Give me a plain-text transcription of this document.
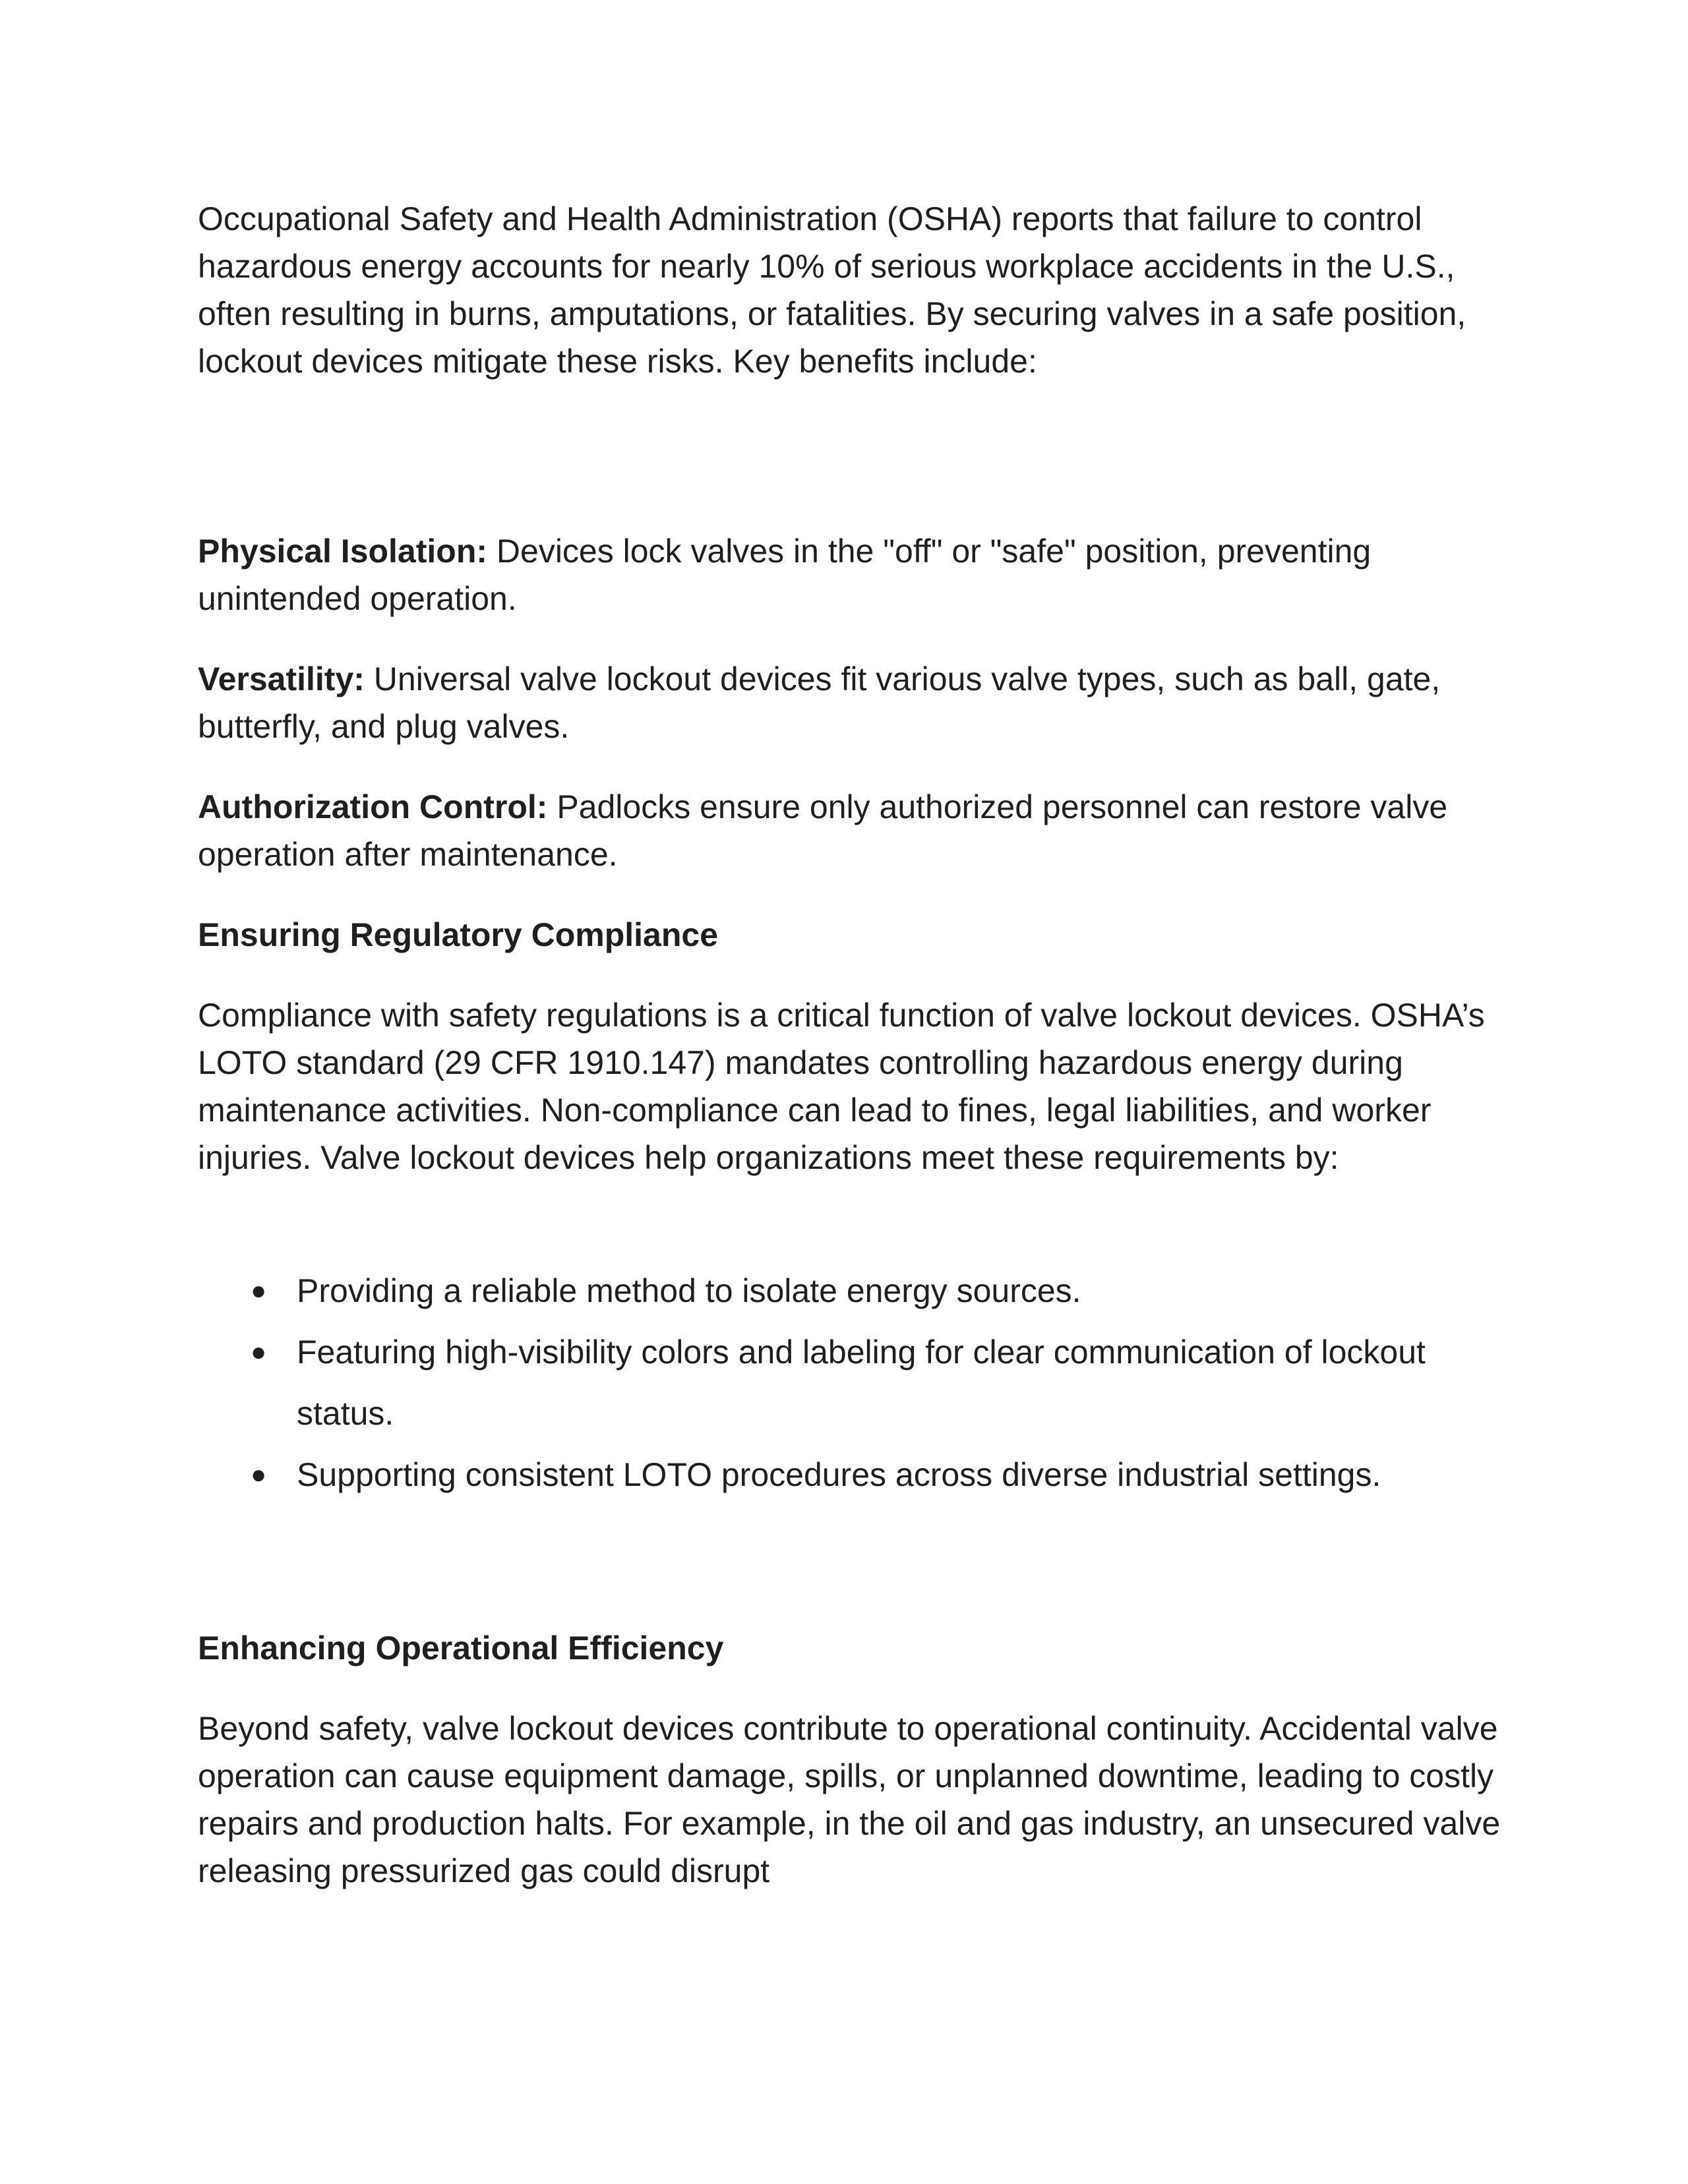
Occupational Safety and Health Administration (OSHA) reports that failure to control hazardous energy accounts for nearly 10% of serious workplace accidents in the U.S., often resulting in burns, amputations, or fatalities. By securing valves in a safe position, lockout devices mitigate these risks. Key benefits include:

Physical Isolation: Devices lock valves in the "off" or "safe" position, preventing unintended operation.

Versatility: Universal valve lockout devices fit various valve types, such as ball, gate, butterfly, and plug valves.

Authorization Control: Padlocks ensure only authorized personnel can restore valve operation after maintenance.

Ensuring Regulatory Compliance

Compliance with safety regulations is a critical function of valve lockout devices. OSHA’s LOTO standard (29 CFR 1910.147) mandates controlling hazardous energy during maintenance activities. Non-compliance can lead to fines, legal liabilities, and worker injuries. Valve lockout devices help organizations meet these requirements by:

● Providing a reliable method to isolate energy sources.
● Featuring high-visibility colors and labeling for clear communication of lockout status.
● Supporting consistent LOTO procedures across diverse industrial settings.

Enhancing Operational Efficiency

Beyond safety, valve lockout devices contribute to operational continuity. Accidental valve operation can cause equipment damage, spills, or unplanned downtime, leading to costly repairs and production halts. For example, in the oil and gas industry, an unsecured valve releasing pressurized gas could disrupt
